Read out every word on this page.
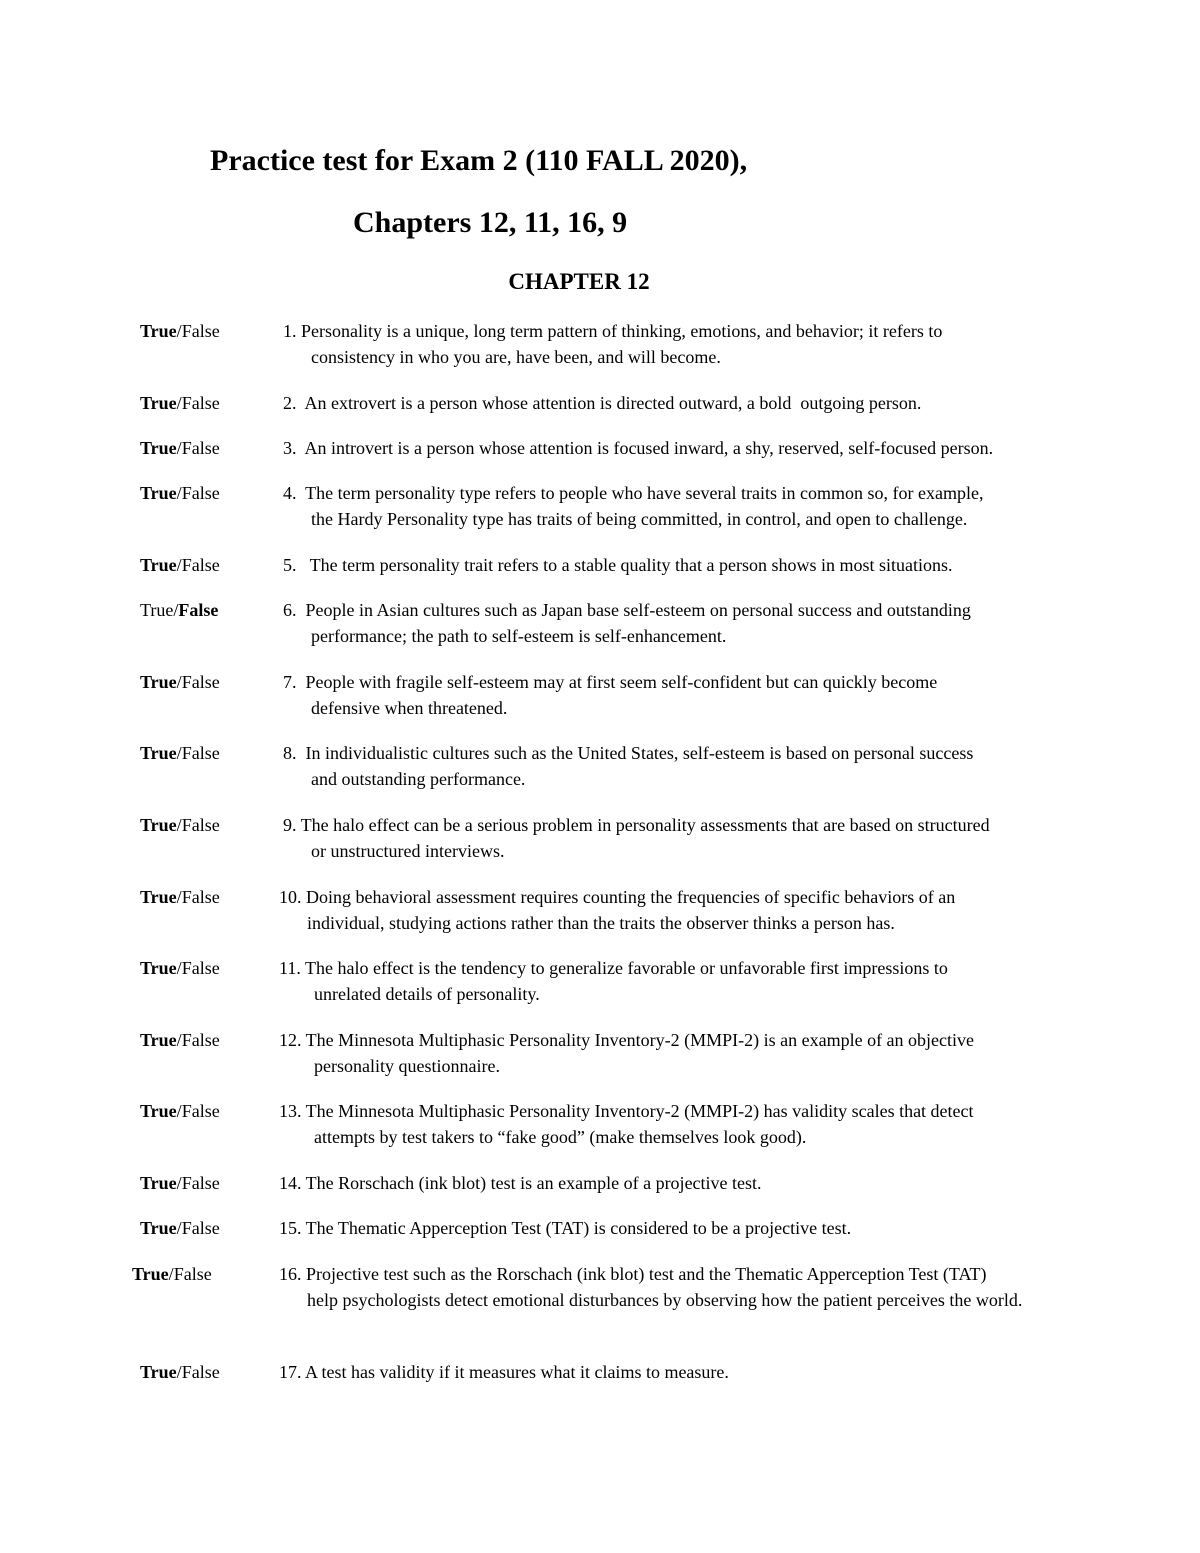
Practice test for Exam 2 (110 FALL 2020),
Chapters 12, 11, 16, 9
CHAPTER 12
True/False	1. Personality is a unique, long term pattern of thinking, emotions, and behavior; it refers to
consistency in who you are, have been, and will become.
True/False	2.  An extrovert is a person whose attention is directed outward, a bold  outgoing person.
True/False	3.  An introvert is a person whose attention is focused inward, a shy, reserved, self-focused person.
True/False	4.  The term personality type refers to people who have several traits in common so, for example,
the Hardy Personality type has traits of being committed, in control, and open to challenge.
True/False	5.   The term personality trait refers to a stable quality that a person shows in most situations.
True/False	6.  People in Asian cultures such as Japan base self-esteem on personal success and outstanding
performance; the path to self-esteem is self-enhancement.
True/False	7.  People with fragile self-esteem may at first seem self-confident but can quickly become
defensive when threatened.
True/False	8.  In individualistic cultures such as the United States, self-esteem is based on personal success
and outstanding performance.
True/False	9. The halo effect can be a serious problem in personality assessments that are based on structured
or unstructured interviews.
True/False	10. Doing behavioral assessment requires counting the frequencies of specific behaviors of an
individual, studying actions rather than the traits the observer thinks a person has.
True/False	11. The halo effect is the tendency to generalize favorable or unfavorable first impressions to
unrelated details of personality.
True/False	12. The Minnesota Multiphasic Personality Inventory-2 (MMPI-2) is an example of an objective
personality questionnaire.
True/False	13. The Minnesota Multiphasic Personality Inventory-2 (MMPI-2) has validity scales that detect
attempts by test takers to “fake good” (make themselves look good).
True/False	14. The Rorschach (ink blot) test is an example of a projective test.
True/False	15. The Thematic Apperception Test (TAT) is considered to be a projective test.
True/False	16. Projective test such as the Rorschach (ink blot) test and the Thematic Apperception Test (TAT)
help psychologists detect emotional disturbances by observing how the patient perceives the world.
True/False	17. A test has validity if it measures what it claims to measure.
